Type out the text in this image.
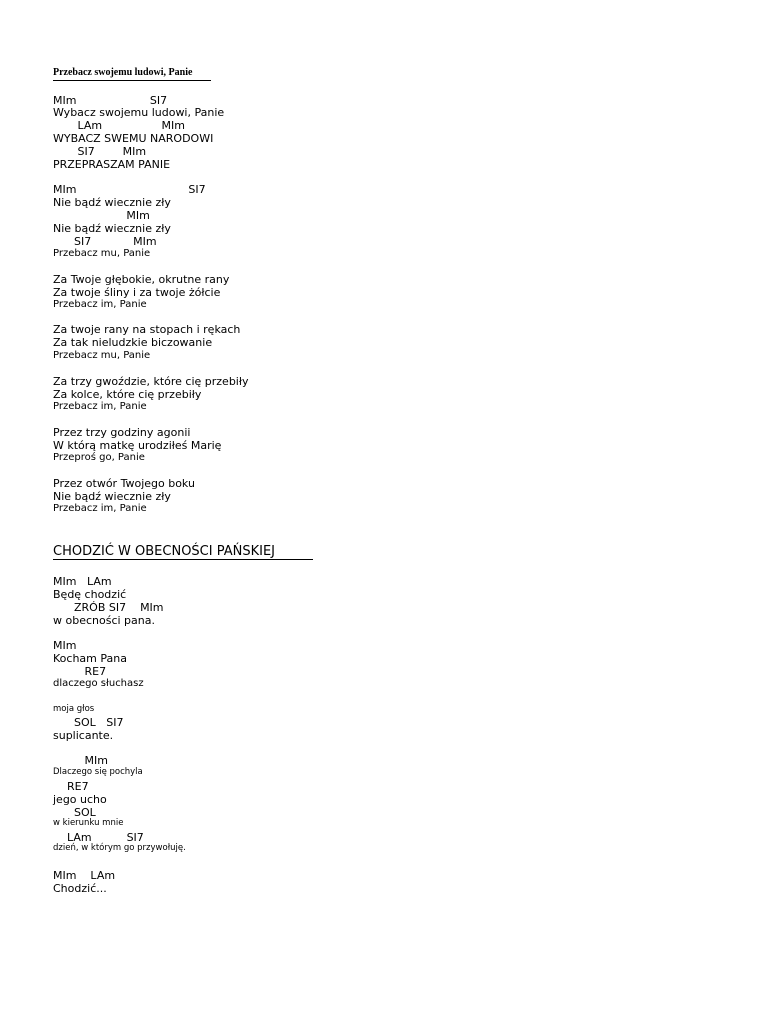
Przebacz swojemu ludowi, Panie
CHODZIĆ W OBECNOŚCI PAŃSKIEJ
MIm                     SI7
Wybacz swojemu ludowi, Panie
LAm                 MIm
WYBACZ SWEMU NARODOWI
SI7        MIm
PRZEPRASZAM PANIE
MIm                                SI7
Nie bądź wiecznie zły
MIm
Nie bądź wiecznie zły
SI7            MIm
Przebacz mu, Panie
Za Twoje głębokie, okrutne rany
Za twoje śliny i za twoje żółcie
Przebacz im, Panie
Za twoje rany na stopach i rękach
Za tak nieludzkie biczowanie
Przebacz mu, Panie
Za trzy gwoździe, które cię przebiły
Za kolce, które cię przebiły
Przebacz im, Panie
Przez trzy godziny agonii
W którą matkę urodziłeś Marię
Przeproś go, Panie
Przez otwór Twojego boku
Nie bądź wiecznie zły
Przebacz im, Panie
MIm   LAm
Będę chodzić
ZRÓB SI7    MIm
w obecności pana.
MIm
Kocham Pana
RE7
dlaczego słuchasz
moja głos
SOL   SI7
suplicante.
MIm
Dlaczego się pochyla
RE7
jego ucho
SOL
w kierunku mnie
LAm          SI7
dzień, w którym go przywołuję.
MIm    LAm
Chodzić...
